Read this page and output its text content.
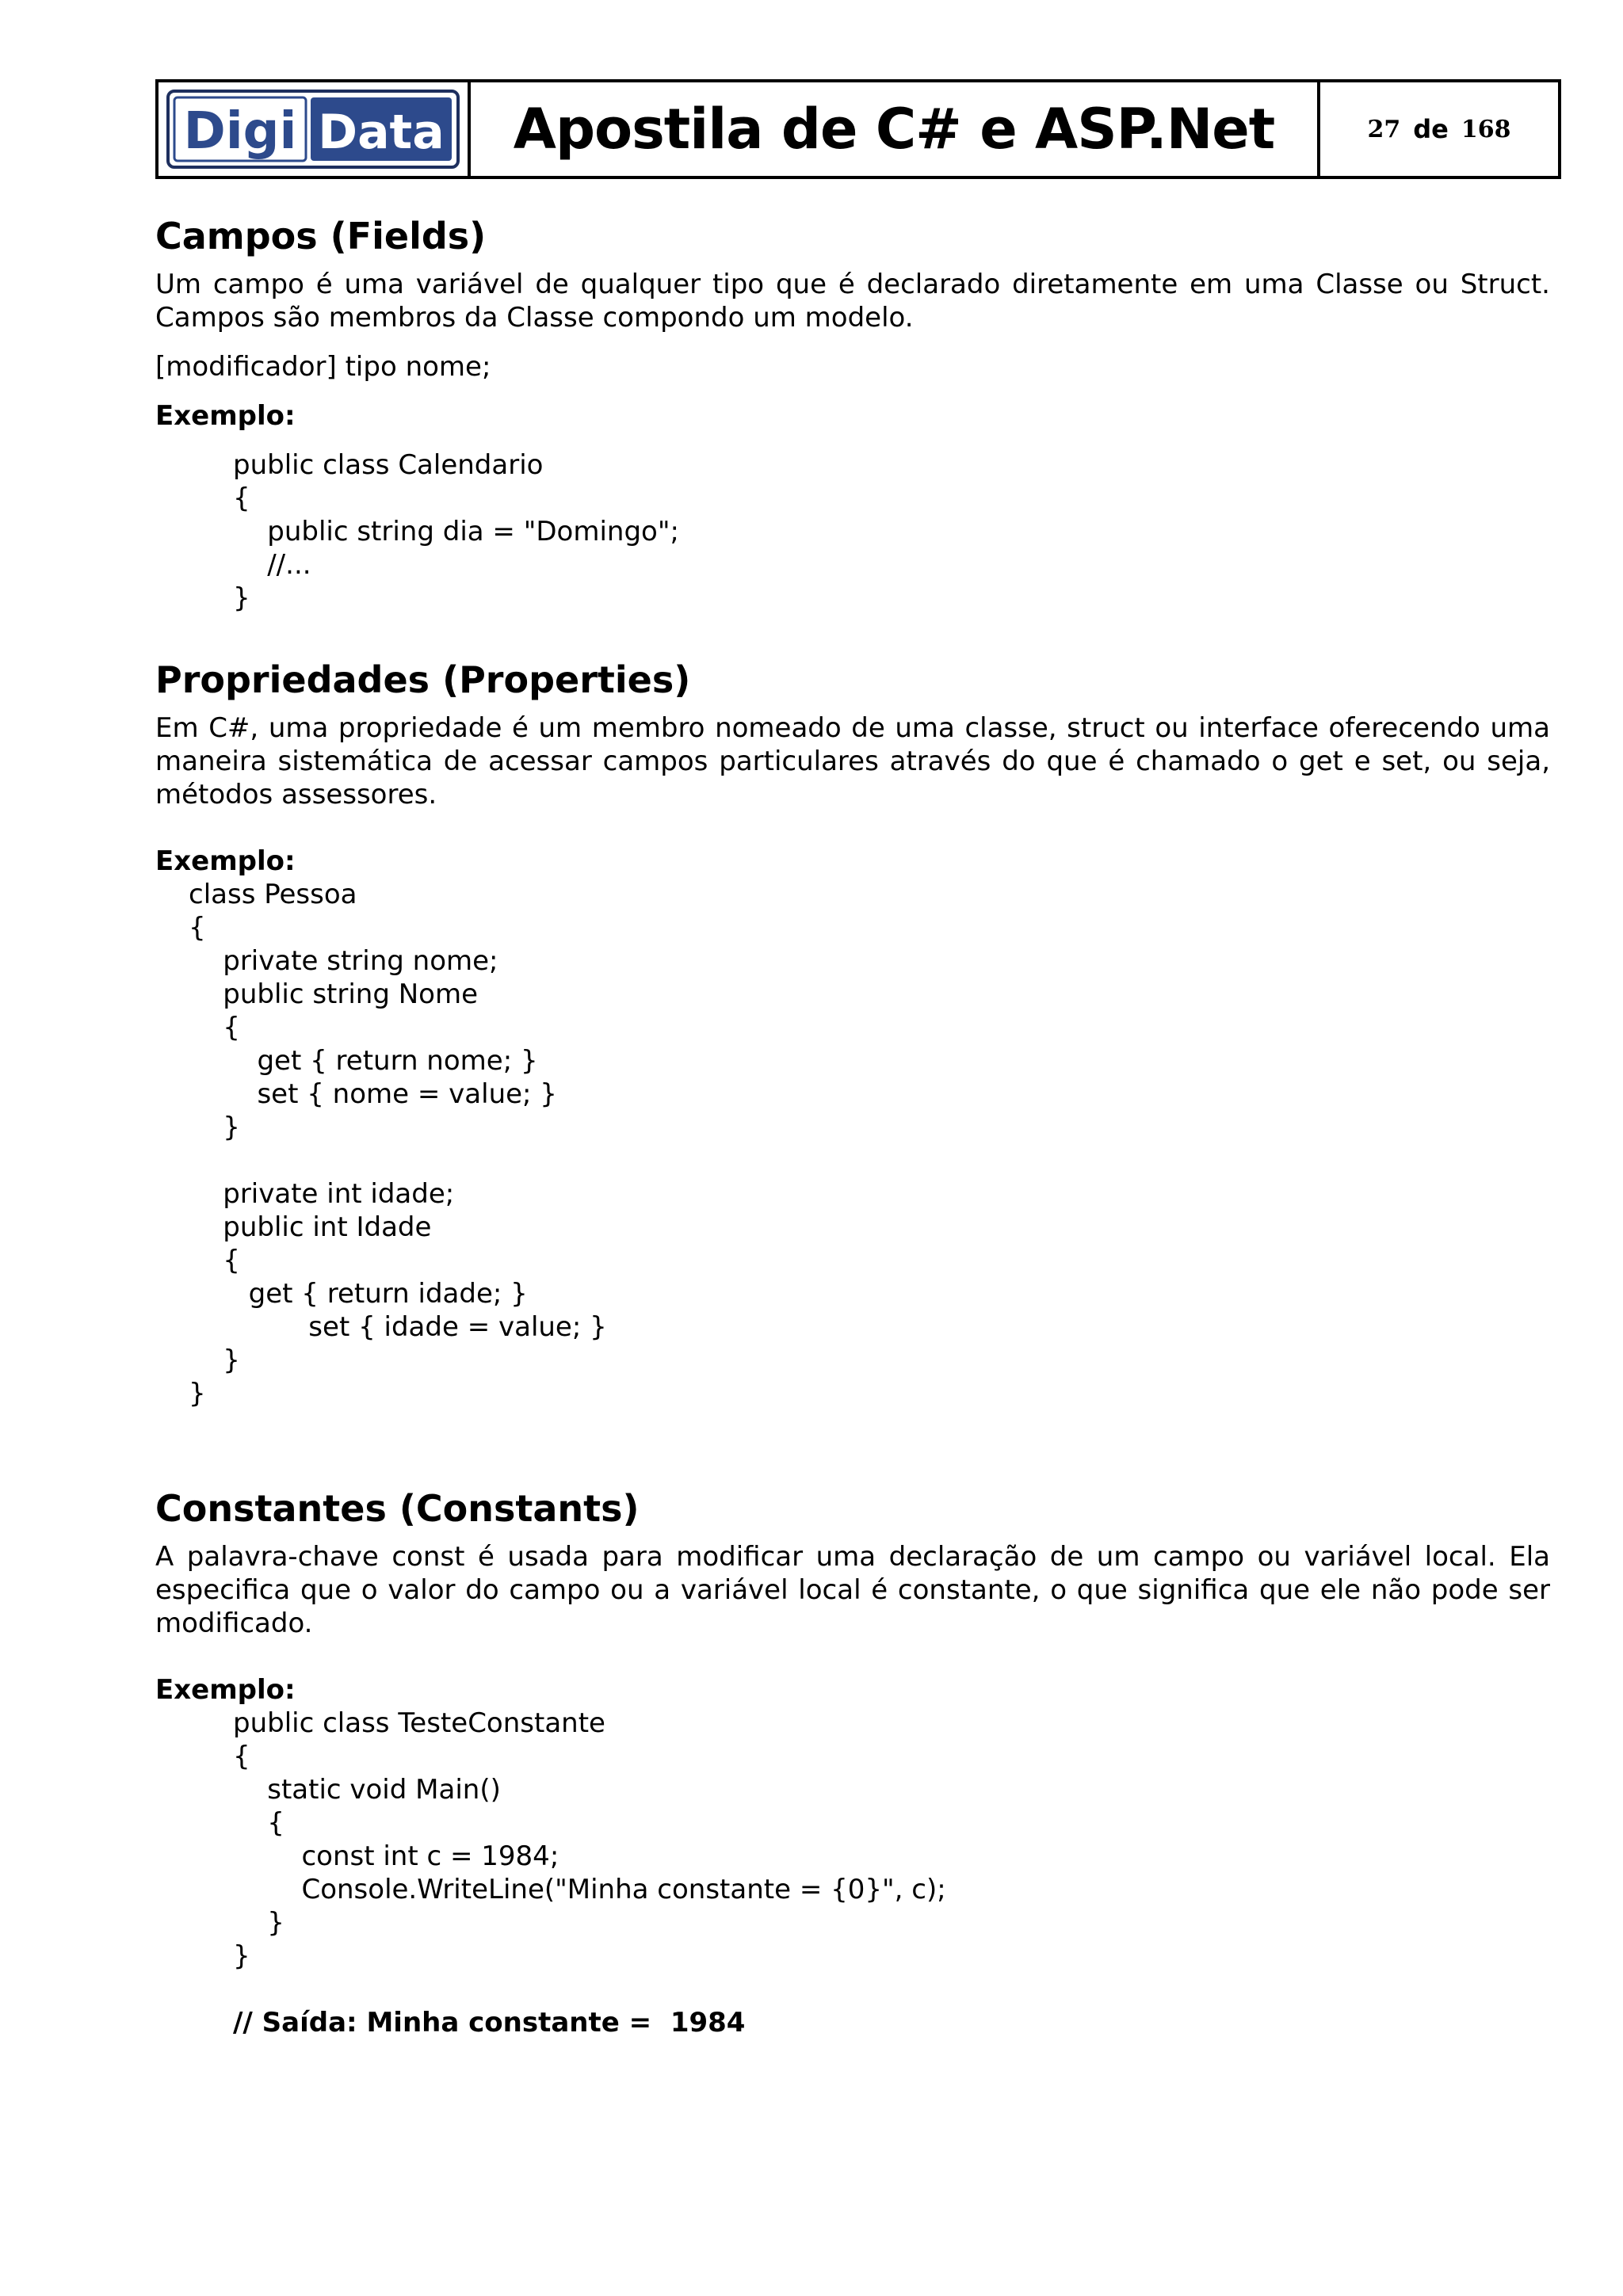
Digi Data Apostila de C# e ASP.Net	27 de 168
Campos (Fields)

Um campo é uma variável de qualquer tipo que é declarado diretamente em uma Classe ou Struct. Campos são membros da Classe compondo um modelo.

[modificador] tipo nome;

Exemplo:

public class Calendario
{
public string dia = "Domingo";
//...
}
Propriedades (Properties)

Em C#, uma propriedade é um membro nomeado de uma classe, struct ou interface oferecendo uma maneira sistemática de acessar campos particulares através do que é chamado o get e set, ou seja, métodos assessores.

Exemplo:

class Pessoa
{
private string nome;
public string Nome
{
get { return nome; }
set { nome = value; }
}

private int idade;
public int Idade
{
get { return idade; }
set { idade = value; }
}
}
Constantes (Constants)

A palavra-chave const é usada para modificar uma declaração de um campo ou variável local. Ela especifica que o valor do campo ou a variável local é constante, o que significa que ele não pode ser modificado.

Exemplo:

public class TesteConstante
{
static void Main()
{
const int c = 1984;
Console.WriteLine("Minha constante = {0}", c);
}
}
// Saída: Minha constante =  1984
